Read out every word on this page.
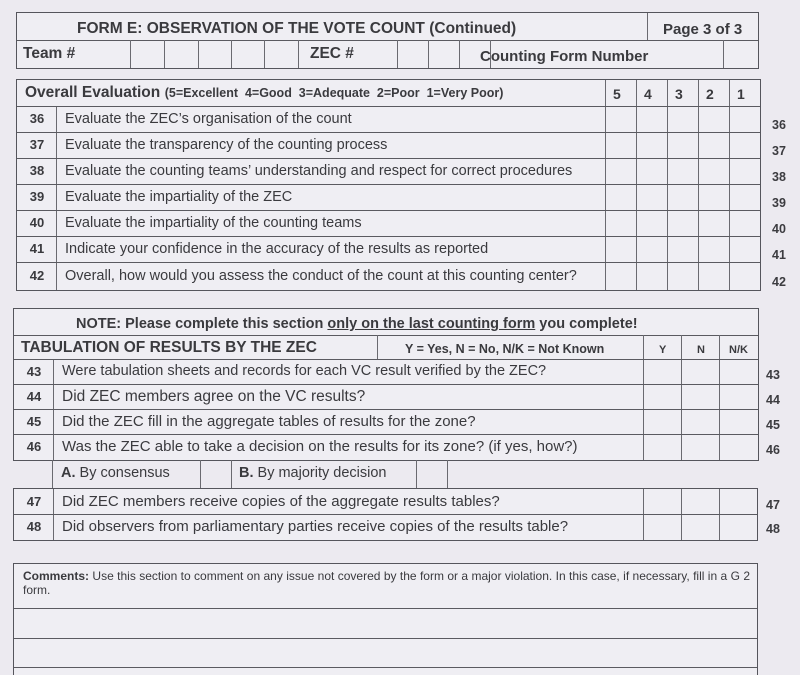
FORM E: OBSERVATION OF THE VOTE COUNT (Continued)	Page 3 of 3
Team #	ZEC #	Counting Form Number
Overall Evaluation (5=Excellent  4=Good  3=Adequate  2=Poor  1=Very Poor)	5 4 3 2 1
36	Evaluate the ZEC’s organisation of the count
37	Evaluate the transparency of the counting process
38	Evaluate the counting teams’ understanding and respect for correct procedures
39	Evaluate the impartiality of the ZEC
40	Evaluate the impartiality of the counting teams
41	Indicate your confidence in the accuracy of the results as reported
42	Overall, how would you assess the conduct of the count at this counting center?
36
37
38
39
40
41
42
NOTE: Please complete this section only on the last counting form you complete!
TABULATION OF RESULTS BY THE ZEC	Y = Yes, N = No, N/K = Not Known	Y	N N/K
43	Were tabulation sheets and records for each VC result verified by the ZEC?
44	Did ZEC members agree on the VC results?
45	Did the ZEC fill in the aggregate tables of results for the zone?
46	Was the ZEC able to take a decision on the results for its zone? (if yes, how?)
A. By consensus	B. By majority decision
47	Did ZEC members receive copies of the aggregate results tables?
48	Did observers from parliamentary parties receive copies of the results table?
43
44
45
46
47
48
Comments: Use this section to comment on any issue not covered by the form or a major violation. In this case, if necessary, fill in a G 2 form.
